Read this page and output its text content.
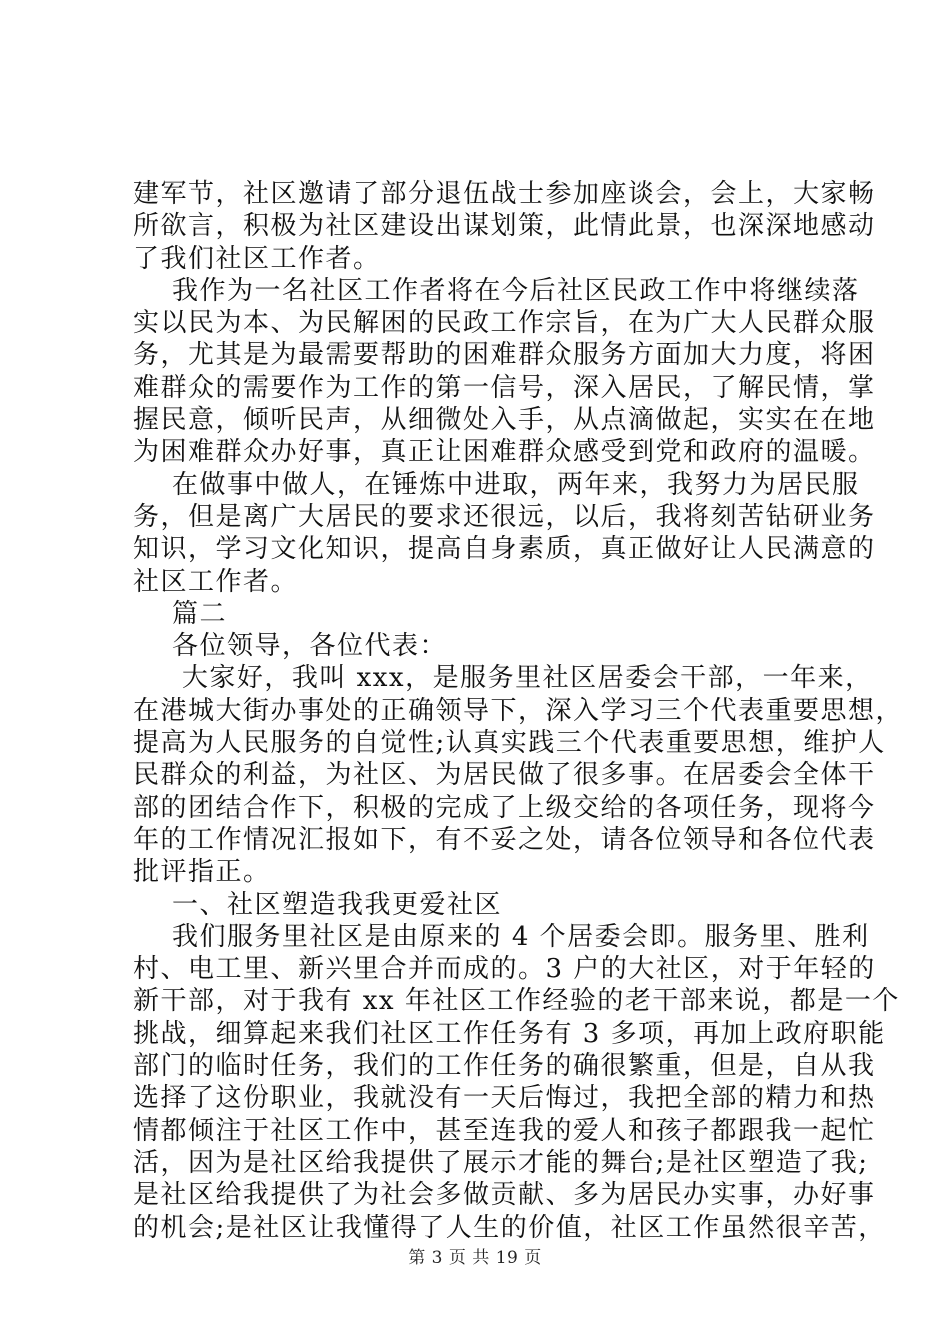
建军节，社区邀请了部分退伍战士参加座谈会，会上，大家畅
所欲言，积极为社区建设出谋划策，此情此景，也深深地感动
了我们社区工作者。
我作为一名社区工作者将在今后社区民政工作中将继续落
实以民为本、为民解困的民政工作宗旨，在为广大人民群众服
务，尤其是为最需要帮助的困难群众服务方面加大力度，将困
难群众的需要作为工作的第一信号，深入居民，了解民情，掌
握民意，倾听民声，从细微处入手，从点滴做起，实实在在地
为困难群众办好事，真正让困难群众感受到党和政府的温暖。
在做事中做人，在锤炼中进取，两年来，我努力为居民服
务，但是离广大居民的要求还很远，以后，我将刻苦钻研业务
知识，学习文化知识，提高自身素质，真正做好让人民满意的
社区工作者。
篇二
各位领导，各位代表：
大家好，我叫 xxx，是服务里社区居委会干部，一年来，
在港城大街办事处的正确领导下，深入学习三个代表重要思想，
提高为人民服务的自觉性;认真实践三个代表重要思想，维护人
民群众的利益，为社区、为居民做了很多事。在居委会全体干
部的团结合作下，积极的完成了上级交给的各项任务，现将今
年的工作情况汇报如下，有不妥之处，请各位领导和各位代表
批评指正。
一、社区塑造我我更爱社区
我们服务里社区是由原来的 4 个居委会即。服务里、胜利
村、电工里、新兴里合并而成的。3 户的大社区，对于年轻的
新干部，对于我有 xx 年社区工作经验的老干部来说，都是一个
挑战，细算起来我们社区工作任务有 3 多项，再加上政府职能
部门的临时任务，我们的工作任务的确很繁重，但是，自从我
选择了这份职业，我就没有一天后悔过，我把全部的精力和热
情都倾注于社区工作中，甚至连我的爱人和孩子都跟我一起忙
活，因为是社区给我提供了展示才能的舞台;是社区塑造了我;
是社区给我提供了为社会多做贡献、多为居民办实事，办好事
的机会;是社区让我懂得了人生的价值，社区工作虽然很辛苦，
第 3 页 共 19 页
